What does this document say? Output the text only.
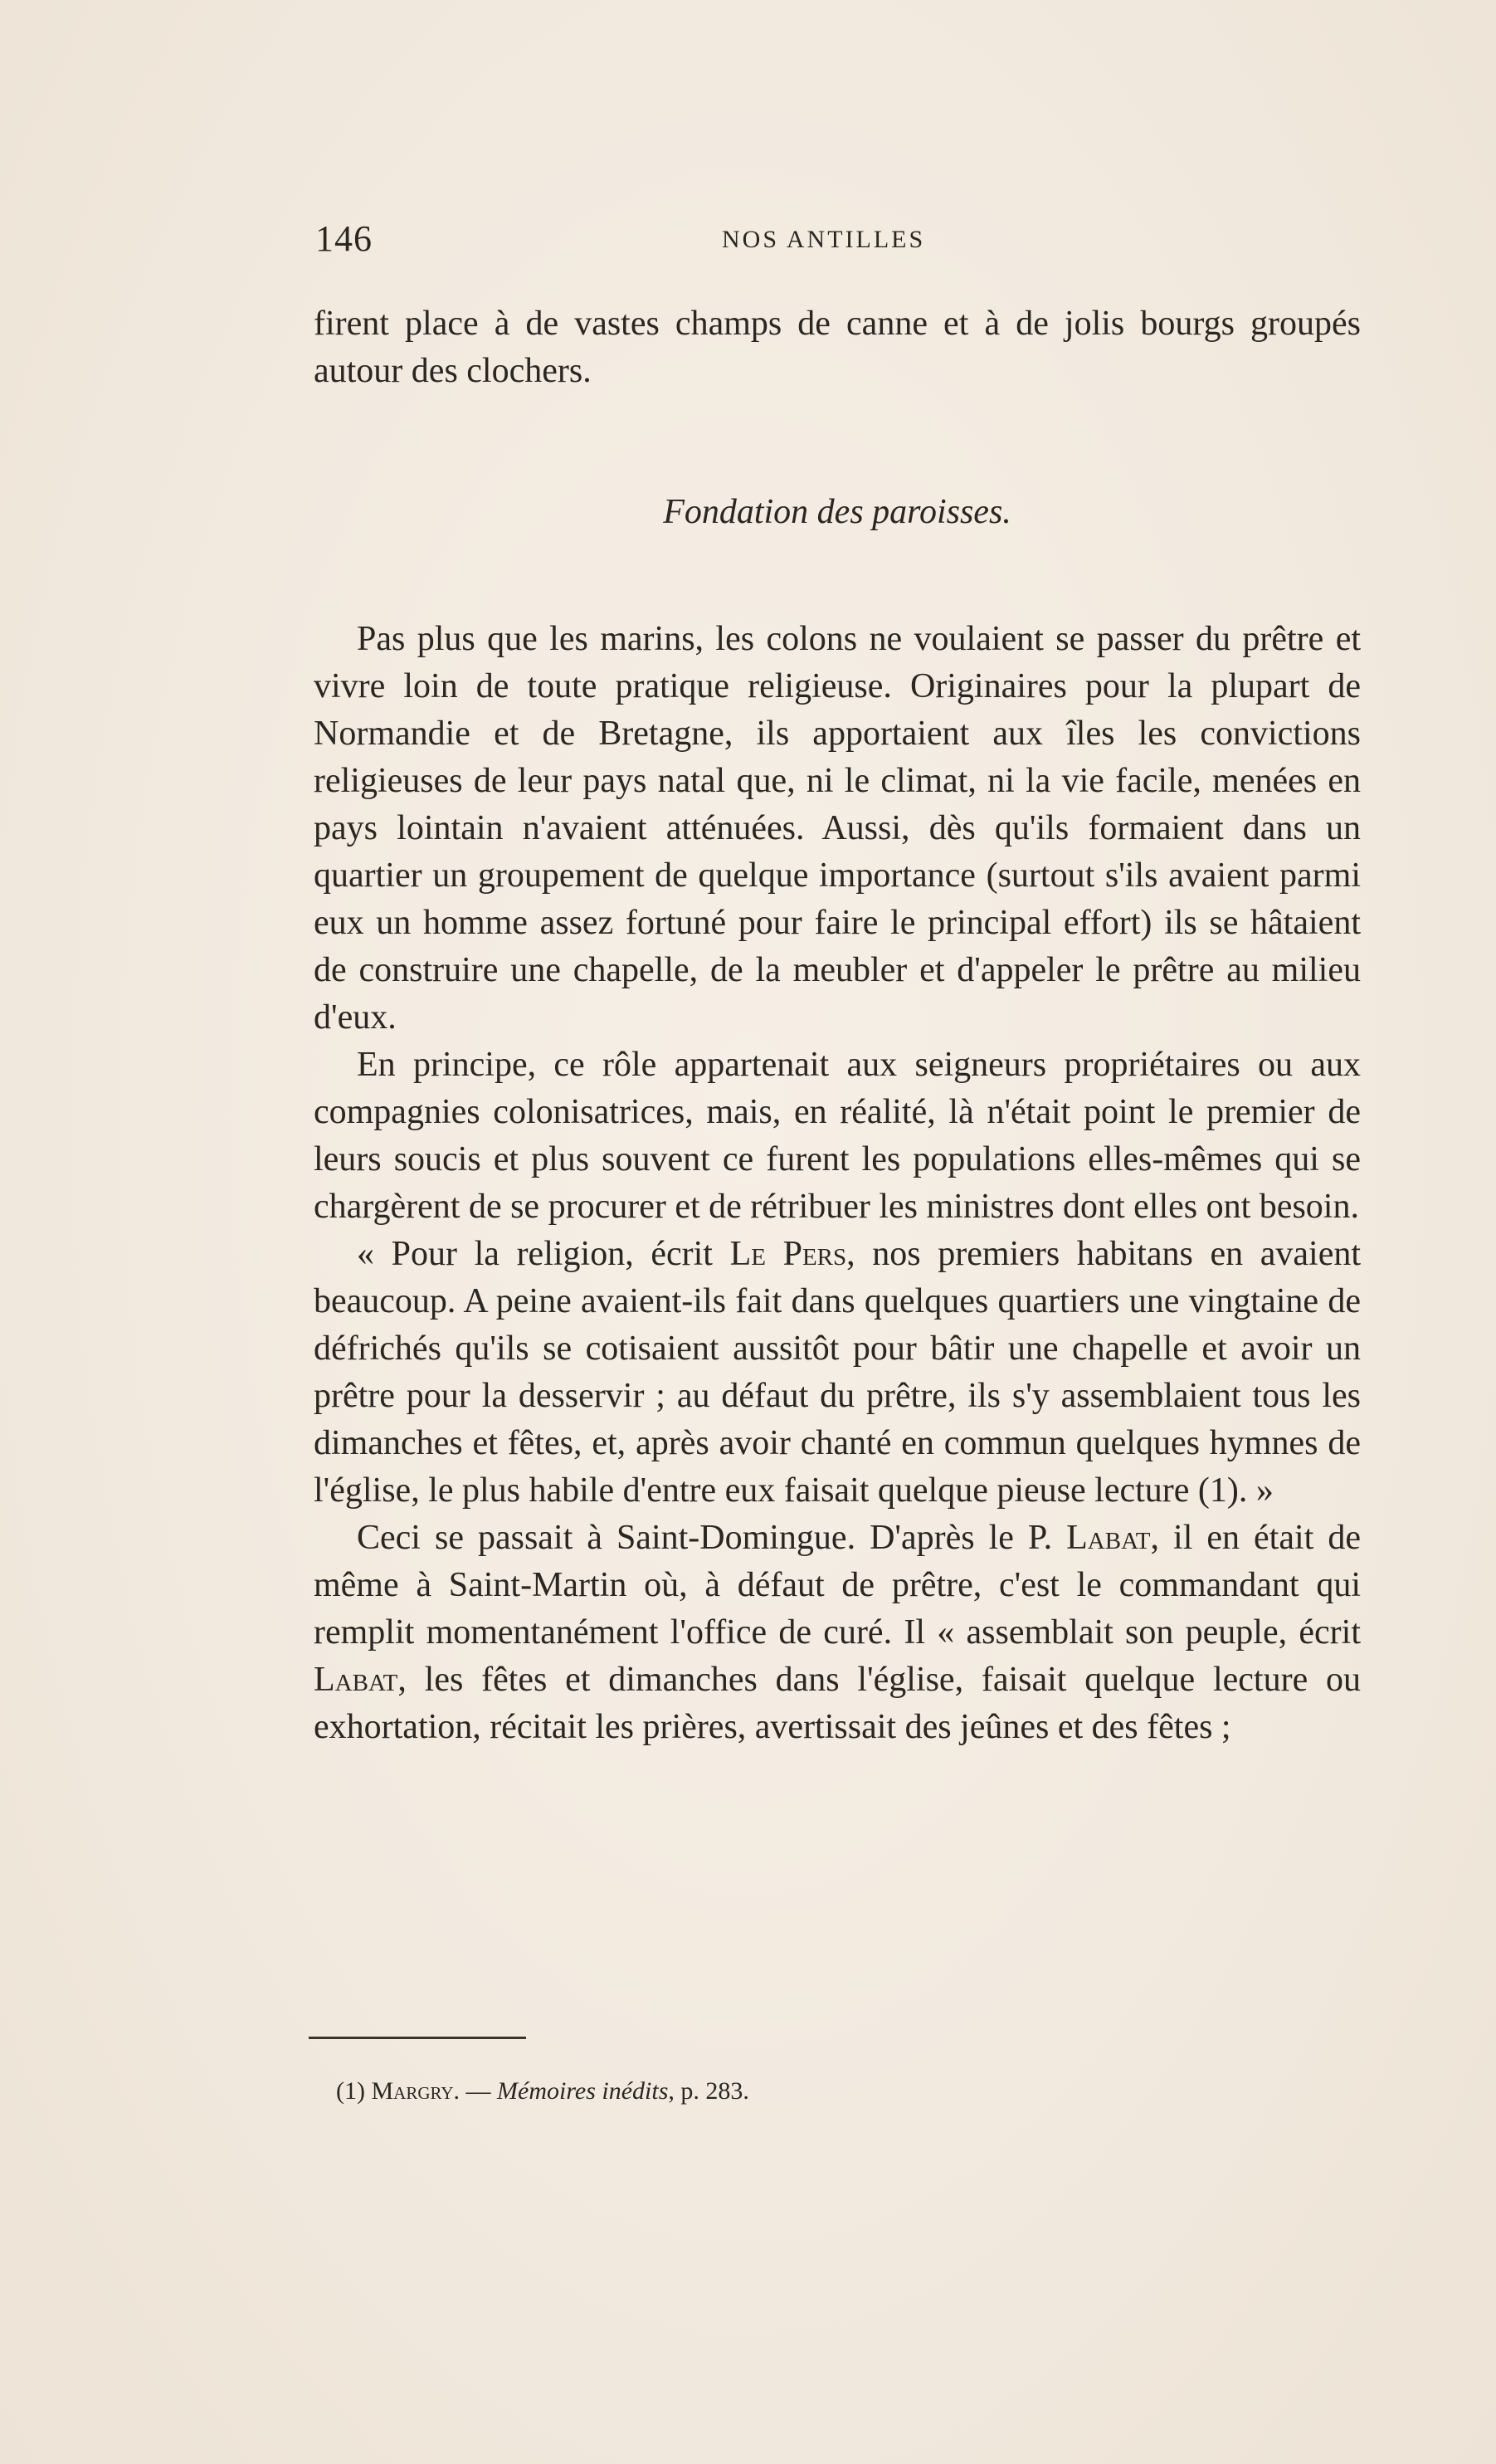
146	NOS ANTILLES

firent place à de vastes champs de canne et à de jolis bourgs groupés autour des clochers.

Fondation des paroisses.

Pas plus que les marins, les colons ne voulaient se passer du prêtre et vivre loin de toute pratique religieuse. Originaires pour la plupart de Normandie et de Bretagne, ils apportaient aux îles les convictions religieuses de leur pays natal que, ni le climat, ni la vie facile, menées en pays lointain n'avaient atténuées. Aussi, dès qu'ils formaient dans un quartier un groupement de quelque importance (surtout s'ils avaient parmi eux un homme assez fortuné pour faire le principal effort) ils se hâtaient de construire une chapelle, de la meubler et d'appeler le prêtre au milieu d'eux.

En principe, ce rôle appartenait aux seigneurs propriétaires ou aux compagnies colonisatrices, mais, en réalité, là n'était point le premier de leurs soucis et plus souvent ce furent les populations elles-mêmes qui se chargèrent de se procurer et de rétribuer les ministres dont elles ont besoin.

« Pour la religion, écrit Le Pers, nos premiers habitans en avaient beaucoup. A peine avaient-ils fait dans quelques quartiers une vingtaine de défrichés qu'ils se cotisaient aussitôt pour bâtir une chapelle et avoir un prêtre pour la desservir ; au défaut du prêtre, ils s'y assemblaient tous les dimanches et fêtes, et, après avoir chanté en commun quelques hymnes de l'église, le plus habile d'entre eux faisait quelque pieuse lecture (1). »

Ceci se passait à Saint-Domingue. D'après le P. Labat, il en était de même à Saint-Martin où, à défaut de prêtre, c'est le commandant qui remplit momentanément l'office de curé. Il « assemblait son peuple, écrit Labat, les fêtes et dimanches dans l'église, faisait quelque lecture ou exhortation, récitait les prières, avertissait des jeûnes et des fêtes ;

(1) Margry. — Mémoires inédits, p. 283.
